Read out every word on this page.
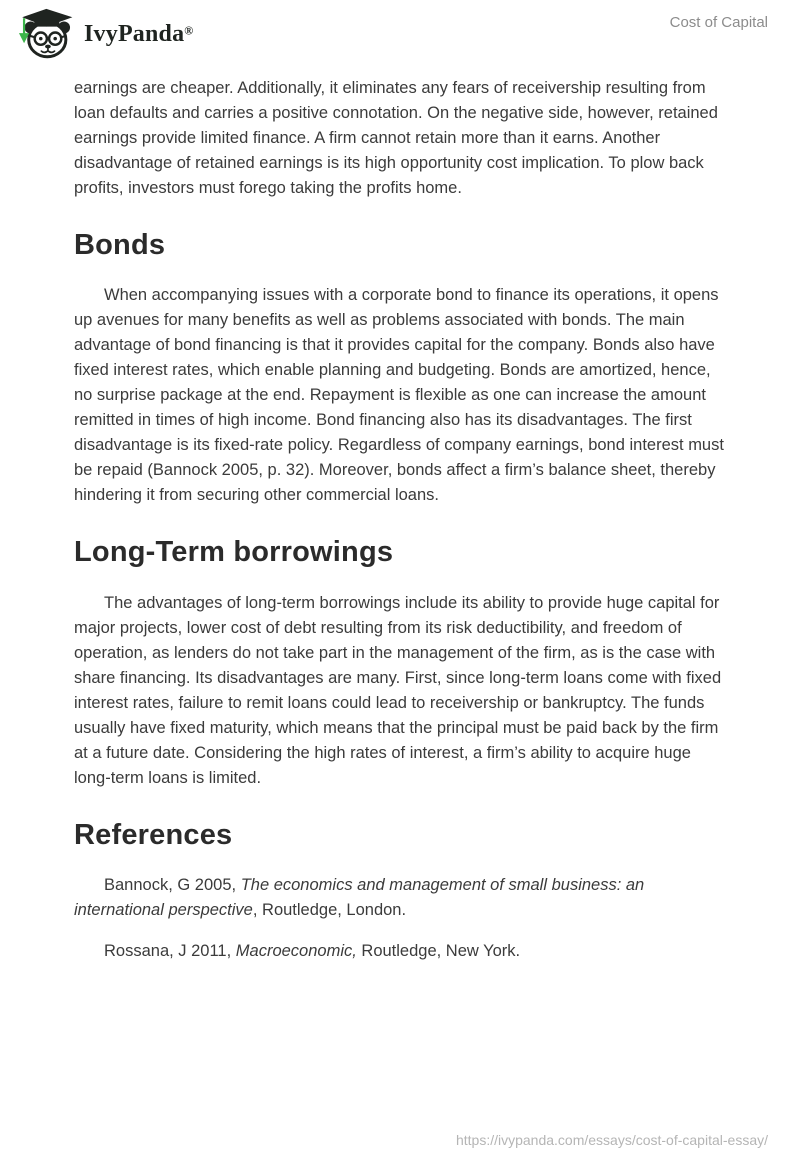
IvyPanda®	Cost of Capital

earnings are cheaper. Additionally, it eliminates any fears of receivership resulting from loan defaults and carries a positive connotation. On the negative side, however, retained earnings provide limited finance. A firm cannot retain more than it earns. Another disadvantage of retained earnings is its high opportunity cost implication. To plow back profits, investors must forego taking the profits home.

Bonds

When accompanying issues with a corporate bond to finance its operations, it opens up avenues for many benefits as well as problems associated with bonds. The main advantage of bond financing is that it provides capital for the company. Bonds also have fixed interest rates, which enable planning and budgeting. Bonds are amortized, hence, no surprise package at the end. Repayment is flexible as one can increase the amount remitted in times of high income. Bond financing also has its disadvantages. The first disadvantage is its fixed-rate policy. Regardless of company earnings, bond interest must be repaid (Bannock 2005, p. 32). Moreover, bonds affect a firm’s balance sheet, thereby hindering it from securing other commercial loans.

Long-Term borrowings

The advantages of long-term borrowings include its ability to provide huge capital for major projects, lower cost of debt resulting from its risk deductibility, and freedom of operation, as lenders do not take part in the management of the firm, as is the case with share financing. Its disadvantages are many. First, since long-term loans come with fixed interest rates, failure to remit loans could lead to receivership or bankruptcy. The funds usually have fixed maturity, which means that the principal must be paid back by the firm at a future date. Considering the high rates of interest, a firm’s ability to acquire huge long-term loans is limited.

References

Bannock, G 2005, The economics and management of small business: an international perspective, Routledge, London.

Rossana, J 2011, Macroeconomic, Routledge, New York.

https://ivypanda.com/essays/cost-of-capital-essay/
